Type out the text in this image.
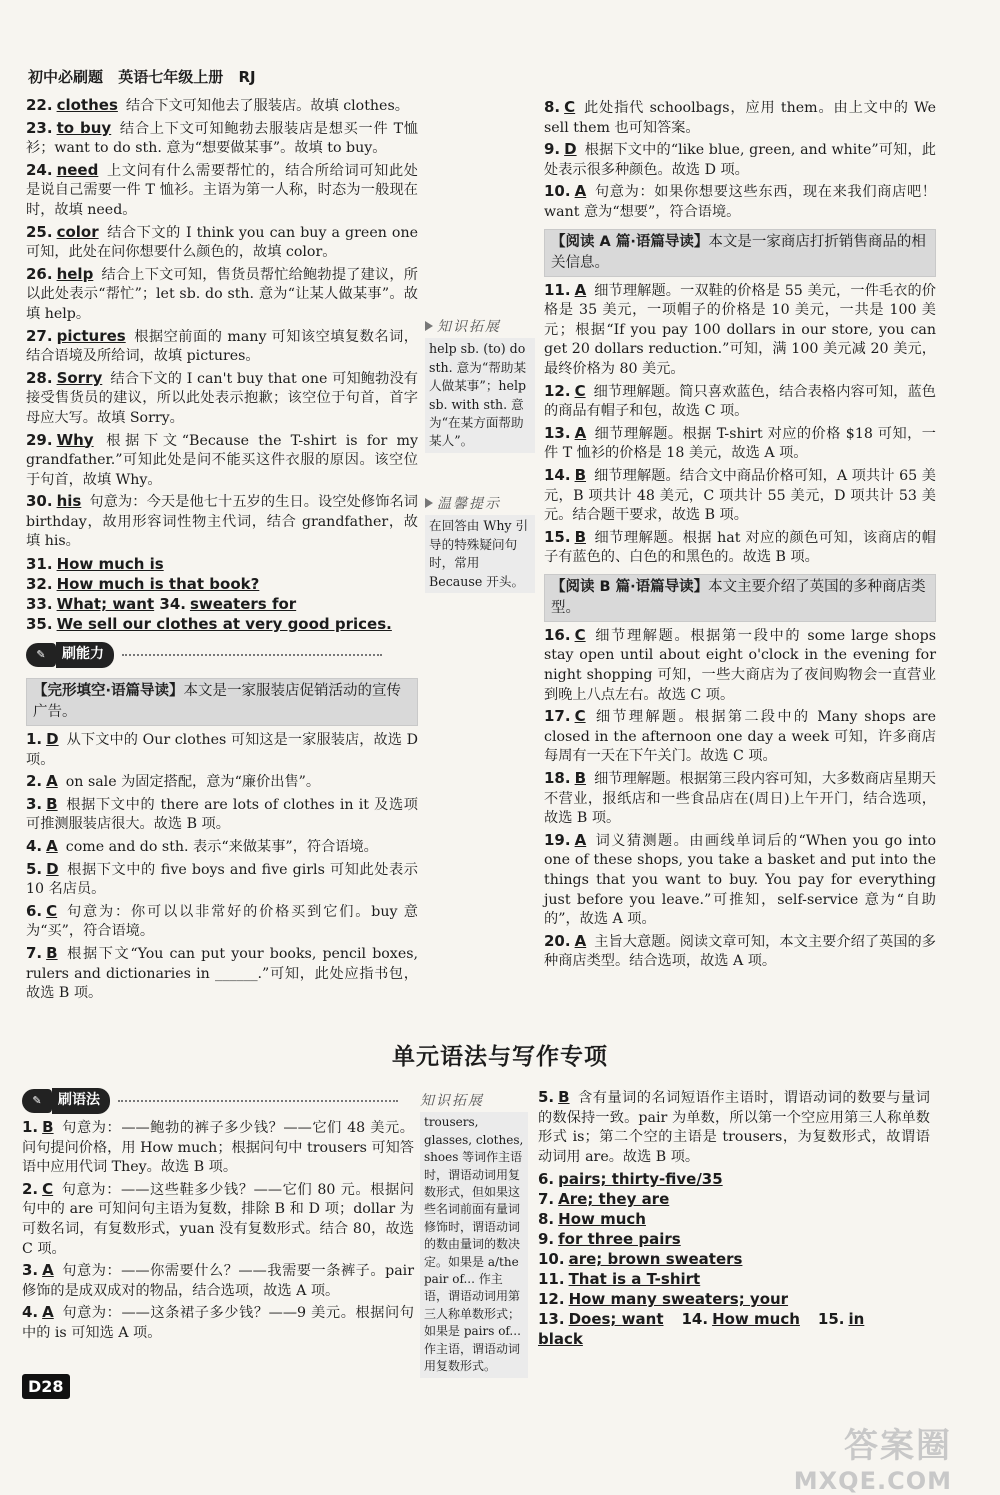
初中必刷题 英语七年级上册 RJ
22. clothes 结合下文可知他去了服装店。故填 clothes。
23. to buy 结合上下文可知鲍勃去服装店是想买一件 T恤衫；want to do sth. 意为“想要做某事”。故填 to buy。
24. need 上文问有什么需要帮忙的，结合所给词可知此处是说自己需要一件 T 恤衫。主语为第一人称，时态为一般现在时，故填 need。
25. color 结合下文的 I think you can buy a green one 可知，此处在问你想要什么颜色的，故填 color。
26. help 结合上下文可知，售货员帮忙给鲍勃提了建议，所以此处表示“帮忙”；let sb. do sth. 意为“让某人做某事”。故填 help。
27. pictures 根据空前面的 many 可知该空填复数名词，结合语境及所给词，故填 pictures。
28. Sorry 结合下文的 I can't buy that one 可知鲍勃没有接受售货员的建议，所以此处表示抱歉；该空位于句首，首字母应大写。故填 Sorry。
29. Why 根据下文“Because the T-shirt is for my grandfather.”可知此处是问不能买这件衣服的原因。该空位于句首，故填 Why。
30. his 句意为：今天是他七十五岁的生日。设空处修饰名词 birthday，故用形容词性物主代词，结合 grandfather，故填 his。
31. How much is
32. How much is that book?
33. What; want 34. sweaters for
35. We sell our clothes at very good prices.
✎	刷能力
【完形填空·语篇导读】本文是一家服装店促销活动的宣传广告。
1. D 从下文中的 Our clothes 可知这是一家服装店，故选 D 项。
2. A on sale 为固定搭配，意为“廉价出售”。
3. B 根据下文中的 there are lots of clothes in it 及选项可推测服装店很大。故选 B 项。
4. A come and do sth. 表示“来做某事”，符合语境。
5. D 根据下文中的 five boys and five girls 可知此处表示 10 名店员。
6. C 句意为：你可以以非常好的价格买到它们。buy 意为“买”，符合语境。
7. B 根据下文“You can put your books, pencil boxes, rulers and dictionaries in ______.”可知，此处应指书包，故选 B 项。
知识拓展
help sb. (to) do sth. 意为“帮助某人做某事”；help sb. with sth. 意为“在某方面帮助某人”。
温馨提示
在回答由 Why 引导的特殊疑问句时，常用 Because 开头。
8. C 此处指代 schoolbags，应用 them。由上文中的 We sell them 也可知答案。
9. D 根据下文中的“like blue, green, and white”可知，此处表示很多种颜色。故选 D 项。
10. A 句意为：如果你想要这些东西，现在来我们商店吧！want 意为“想要”，符合语境。
【阅读 A 篇·语篇导读】本文是一家商店打折销售商品的相关信息。
11. A 细节理解题。一双鞋的价格是 55 美元，一件毛衣的价格是 35 美元，一项帽子的价格是 10 美元，一共是 100 美元；根据“If you pay 100 dollars in our store, you can get 20 dollars reduction.”可知，满 100 美元减 20 美元，最终价格为 80 美元。
12. C 细节理解题。简只喜欢蓝色，结合表格内容可知，蓝色的商品有帽子和包，故选 C 项。
13. A 细节理解题。根据 T-shirt 对应的价格 $18 可知，一件 T 恤衫的价格是 18 美元，故选 A 项。
14. B 细节理解题。结合文中商品价格可知，A 项共计 65 美元，B 项共计 48 美元，C 项共计 55 美元，D 项共计 53 美元。结合题干要求，故选 B 项。
15. B 细节理解题。根据 hat 对应的颜色可知，该商店的帽子有蓝色的、白色的和黑色的。故选 B 项。
【阅读 B 篇·语篇导读】本文主要介绍了英国的多种商店类型。
16. C 细节理解题。根据第一段中的 some large shops stay open until about eight o'clock in the evening for night shopping 可知，一些大商店为了夜间购物会一直营业到晚上八点左右。故选 C 项。
17. C 细节理解题。根据第二段中的 Many shops are closed in the afternoon one day a week 可知，许多商店每周有一天在下午关门。故选 C 项。
18. B 细节理解题。根据第三段内容可知，大多数商店星期天不营业，报纸店和一些食品店在(周日)上午开门，结合选项，故选 B 项。
19. A 词义猜测题。由画线单词后的“When you go into one of these shops, you take a basket and put into the things that you want to buy. You pay for everything just before you leave.”可推知，self-service 意为“自助的”，故选 A 项。
20. A 主旨大意题。阅读文章可知，本文主要介绍了英国的多种商店类型。结合选项，故选 A 项。
单元语法与写作专项
✎	刷语法
1. B 句意为：——鲍勃的裤子多少钱？——它们 48 美元。问句提问价格，用 How much；根据问句中 trousers 可知答语中应用代词 They。故选 B 项。
2. C 句意为：——这些鞋多少钱？——它们 80 元。根据问句中的 are 可知问句主语为复数，排除 B 和 D 项；dollar 为可数名词，有复数形式，yuan 没有复数形式。结合 80，故选 C 项。
3. A 句意为：——你需要什么？——我需要一条裤子。pair 修饰的是成双成对的物品，结合选项，故选 A 项。
4. A 句意为：——这条裙子多少钱？——9 美元。根据问句中的 is 可知选 A 项。
知识拓展
trousers, glasses, clothes, shoes 等词作主语时，谓语动词用复数形式，但如果这些名词前面有量词修饰时，谓语动词的数由量词的数决定。如果是 a/the pair of... 作主语，谓语动词用第三人称单数形式；如果是 pairs of... 作主语，谓语动词用复数形式。
5. B 含有量词的名词短语作主语时，谓语动词的数要与量词的数保持一致。pair 为单数，所以第一个空应用第三人称单数形式 is；第二个空的主语是 trousers，为复数形式，故谓语动词用 are。故选 B 项。
6. pairs; thirty-five/35
7. Are; they are
8. How much
9. for three pairs
10. are; brown sweaters
11. That is a T-shirt
12. How many sweaters; your
13. Does; want 14. How much 15. in black
D28
答案圈
MXQE.COM
